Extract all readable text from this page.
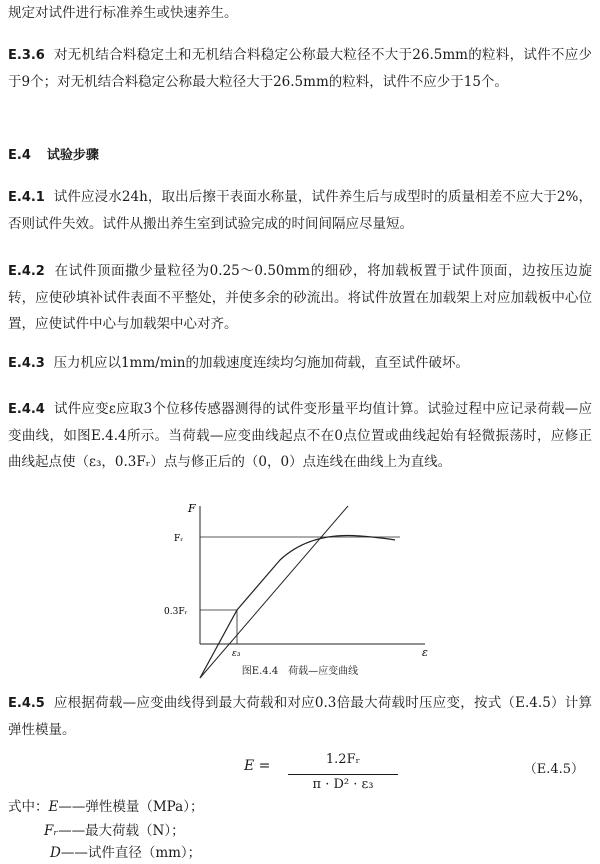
规定对试件进行标准养生或快速养生。

E.3.6 对无机结合料稳定土和无机结合料稳定公称最大粒径不大于26.5mm的粒料，试件不应少于9个；对无机结合料稳定公称最大粒径大于26.5mm的粒料，试件不应少于15个。

E.4 试验步骤

E.4.1 试件应浸水24h，取出后擦干表面水称量，试件养生后与成型时的质量相差不应大于2%，否则试件失效。试件从搬出养生室到试验完成的时间间隔应尽量短。

E.4.2 在试件顶面撒少量粒径为0.25～0.50mm的细砂，将加载板置于试件顶面，边按压边旋转，应使砂填补试件表面不平整处，并使多余的砂流出。将试件放置在加载架上对应加载板中心位置，应使试件中心与加载架中心对齐。

E.4.3 压力机应以1mm/min的加载速度连续均匀施加荷载，直至试件破坏。

E.4.4 试件应变ε应取3个位移传感器测得的试件变形量平均值计算。试验过程中应记录荷载—应变曲线，如图E.4.4所示。当荷载—应变曲线起点不在0点位置或曲线起始有轻微振荡时，应修正曲线起点使（ε₃，0.3Fᵣ）点与修正后的（0，0）点连线在曲线上为直线。

F
ε
Fᵣ
0.3Fᵣ
ε₃
图E.4.4　荷载—应变曲线

E.4.5 应根据荷载—应变曲线得到最大荷载和对应0.3倍最大荷载时压应变，按式（E.4.5）计算弹性模量。

E =	1.2Fᵣ
π · D² · ε₃
（E.4.5）
式中：E——弹性模量（MPa）；
Fᵣ——最大荷载（N）；
D——试件直径（mm）；
